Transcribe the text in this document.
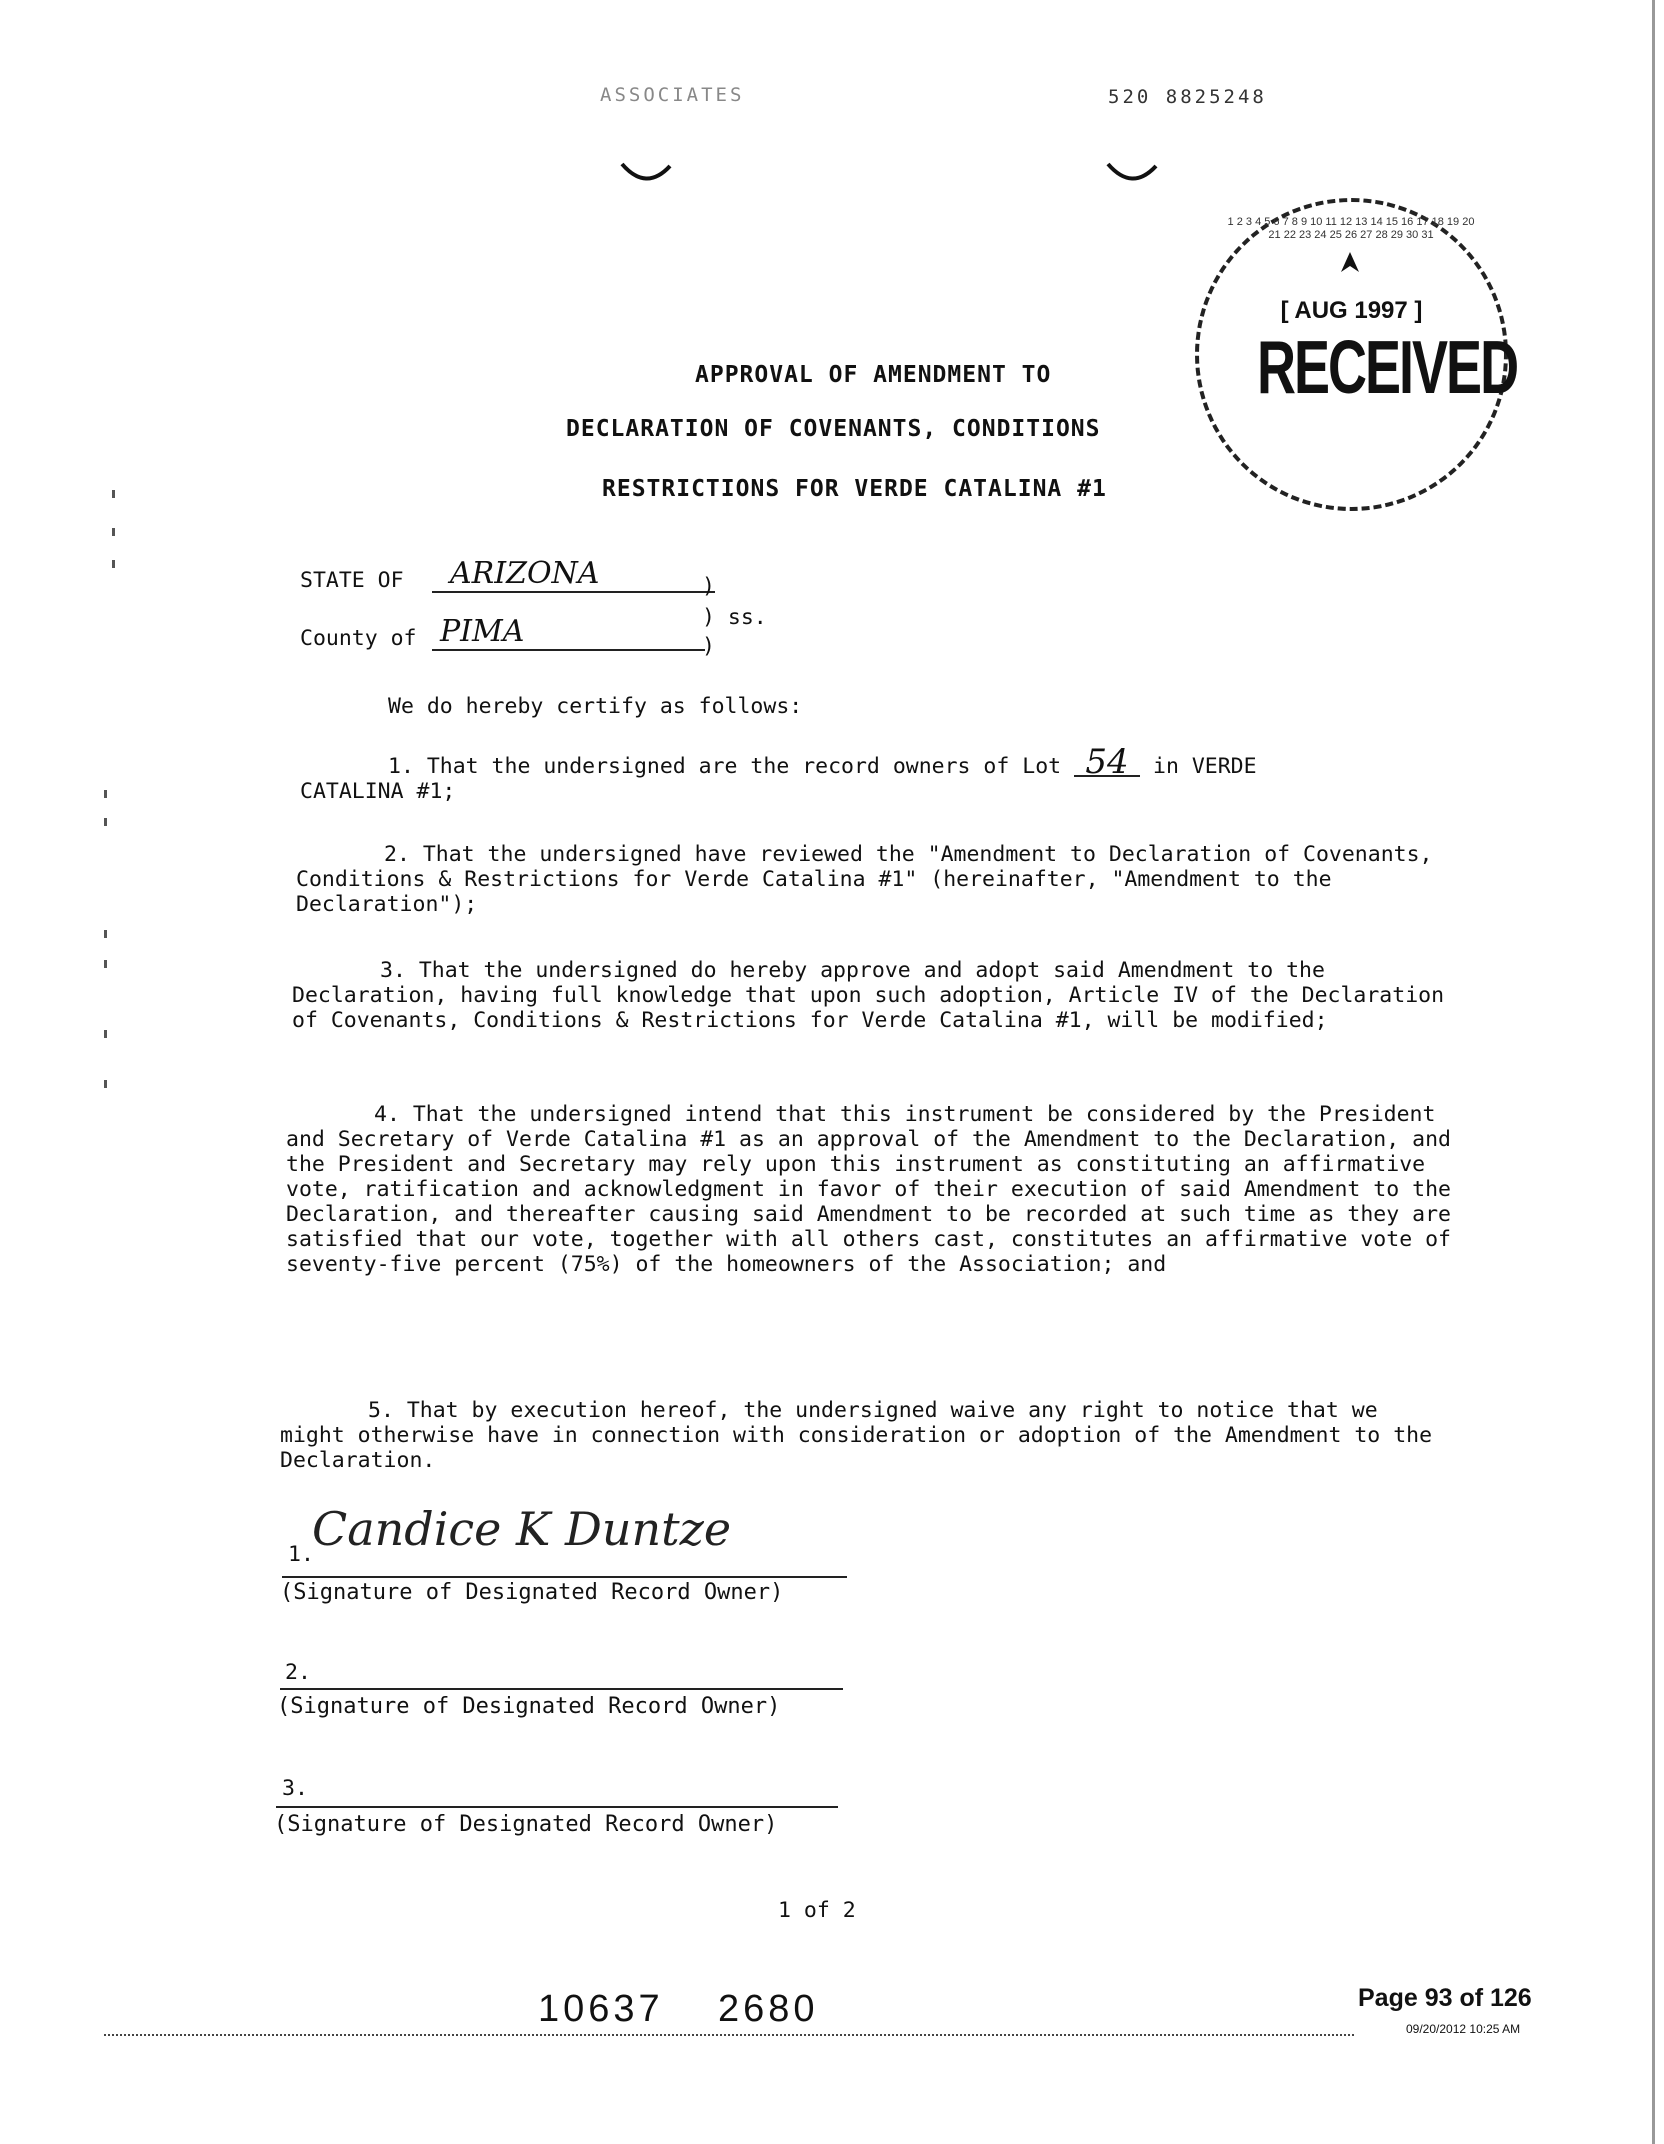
ASSOCIATES	520 8825248
1 2 3 4 5 6 7 8 9 10 11 12 13 14 15 16 17 18 19 20 21 22 23 24 25 26 27 28 29 30 31
[ AUG 1997 ]
RECEIVED
APPROVAL OF AMENDMENT TO
DECLARATION OF COVENANTS, CONDITIONS
RESTRICTIONS FOR VERDE CATALINA #1
STATE OF	ARIZONA	)
) ss.
County of PIMA	)
We do hereby certify as follows:
1. That the undersigned are the record owners of Lot 54 in VERDE
CATALINA #1;
2. That the undersigned have reviewed the "Amendment to Declaration of Covenants, Conditions & Restrictions for Verde Catalina #1" (hereinafter, "Amendment to the Declaration");
3. That the undersigned do hereby approve and adopt said Amendment to the Declaration, having full knowledge that upon such adoption, Article IV of the Declaration of Covenants, Conditions & Restrictions for Verde Catalina #1, will be modified;
4. That the undersigned intend that this instrument be considered by the President and Secretary of Verde Catalina #1 as an approval of the Amendment to the Declaration, and the President and Secretary may rely upon this instrument as constituting an affirmative vote, ratification and acknowledgment in favor of their execution of said Amendment to the Declaration, and thereafter causing said Amendment to be recorded at such time as they are satisfied that our vote, together with all others cast, constitutes an affirmative vote of seventy-five percent (75%) of the homeowners of the Association; and
5. That by execution hereof, the undersigned waive any right to notice that we might otherwise have in connection with consideration or adoption of the Amendment to the Declaration.
1.
Candice K Duntze
(Signature of Designated Record Owner)
2.
(Signature of Designated Record Owner)
3.
(Signature of Designated Record Owner)
1 of 2
10637 2680	Page 93 of 126
09/20/2012 10:25 AM
